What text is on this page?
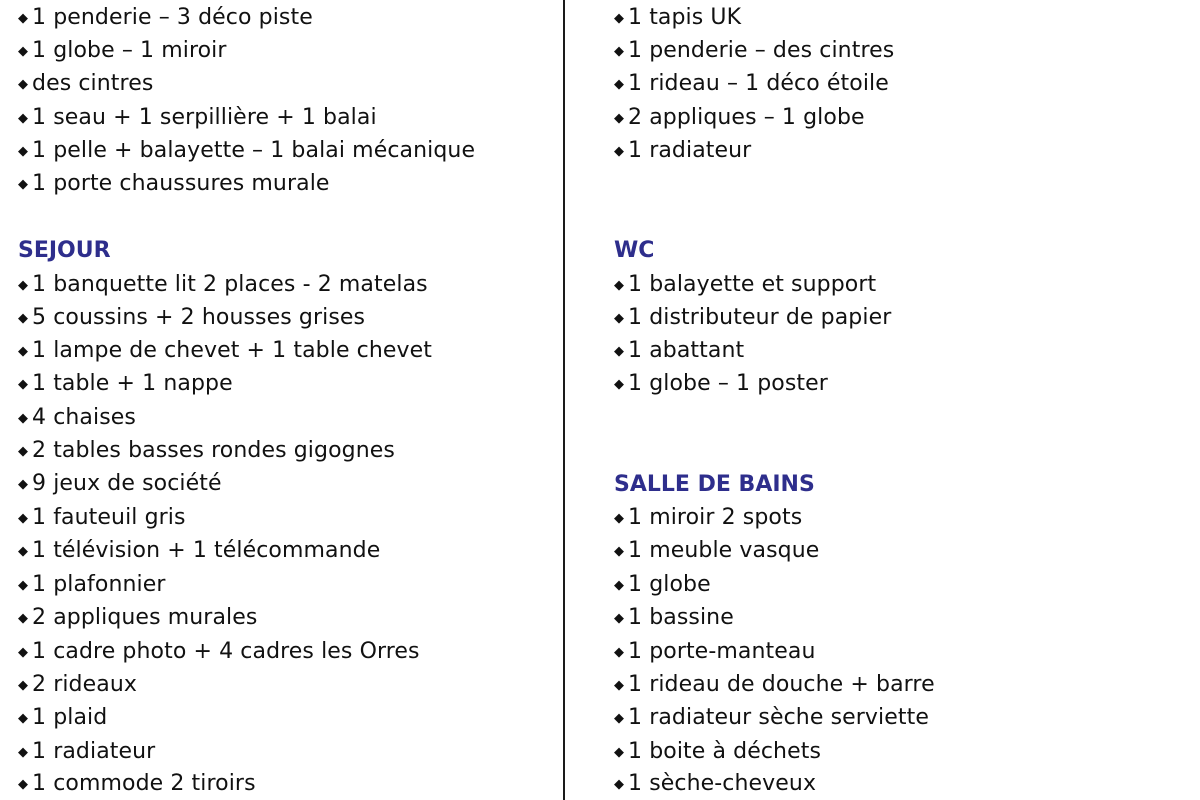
◆ 1 penderie – 3 déco piste
◆ 1 globe – 1 miroir
◆ des cintres
◆ 1 seau + 1 serpillière + 1 balai
◆ 1 pelle + balayette – 1 balai mécanique
◆ 1 porte chaussures murale
SEJOUR
◆ 1 banquette lit 2 places - 2 matelas
◆ 5 coussins + 2 housses grises
◆ 1 lampe de chevet + 1 table chevet
◆ 1 table + 1 nappe
◆ 4 chaises
◆ 2 tables basses rondes gigognes
◆ 9 jeux de société
◆ 1 fauteuil gris
◆ 1 télévision + 1 télécommande
◆ 1 plafonnier
◆ 2 appliques murales
◆ 1 cadre photo + 4 cadres les Orres
◆ 2 rideaux
◆ 1 plaid
◆ 1 radiateur
◆ 1 commode 2 tiroirs
◆ 1 tapis UK
◆ 1 penderie – des cintres
◆ 1 rideau – 1 déco étoile
◆ 2 appliques – 1 globe
◆ 1 radiateur
WC
◆ 1 balayette et support
◆ 1 distributeur de papier
◆ 1 abattant
◆ 1 globe – 1 poster
SALLE DE BAINS
◆ 1 miroir 2 spots
◆ 1 meuble vasque
◆ 1 globe
◆ 1 bassine
◆ 1 porte-manteau
◆ 1 rideau de douche + barre
◆ 1 radiateur sèche serviette
◆ 1 boite à déchets
◆ 1 sèche-cheveux
